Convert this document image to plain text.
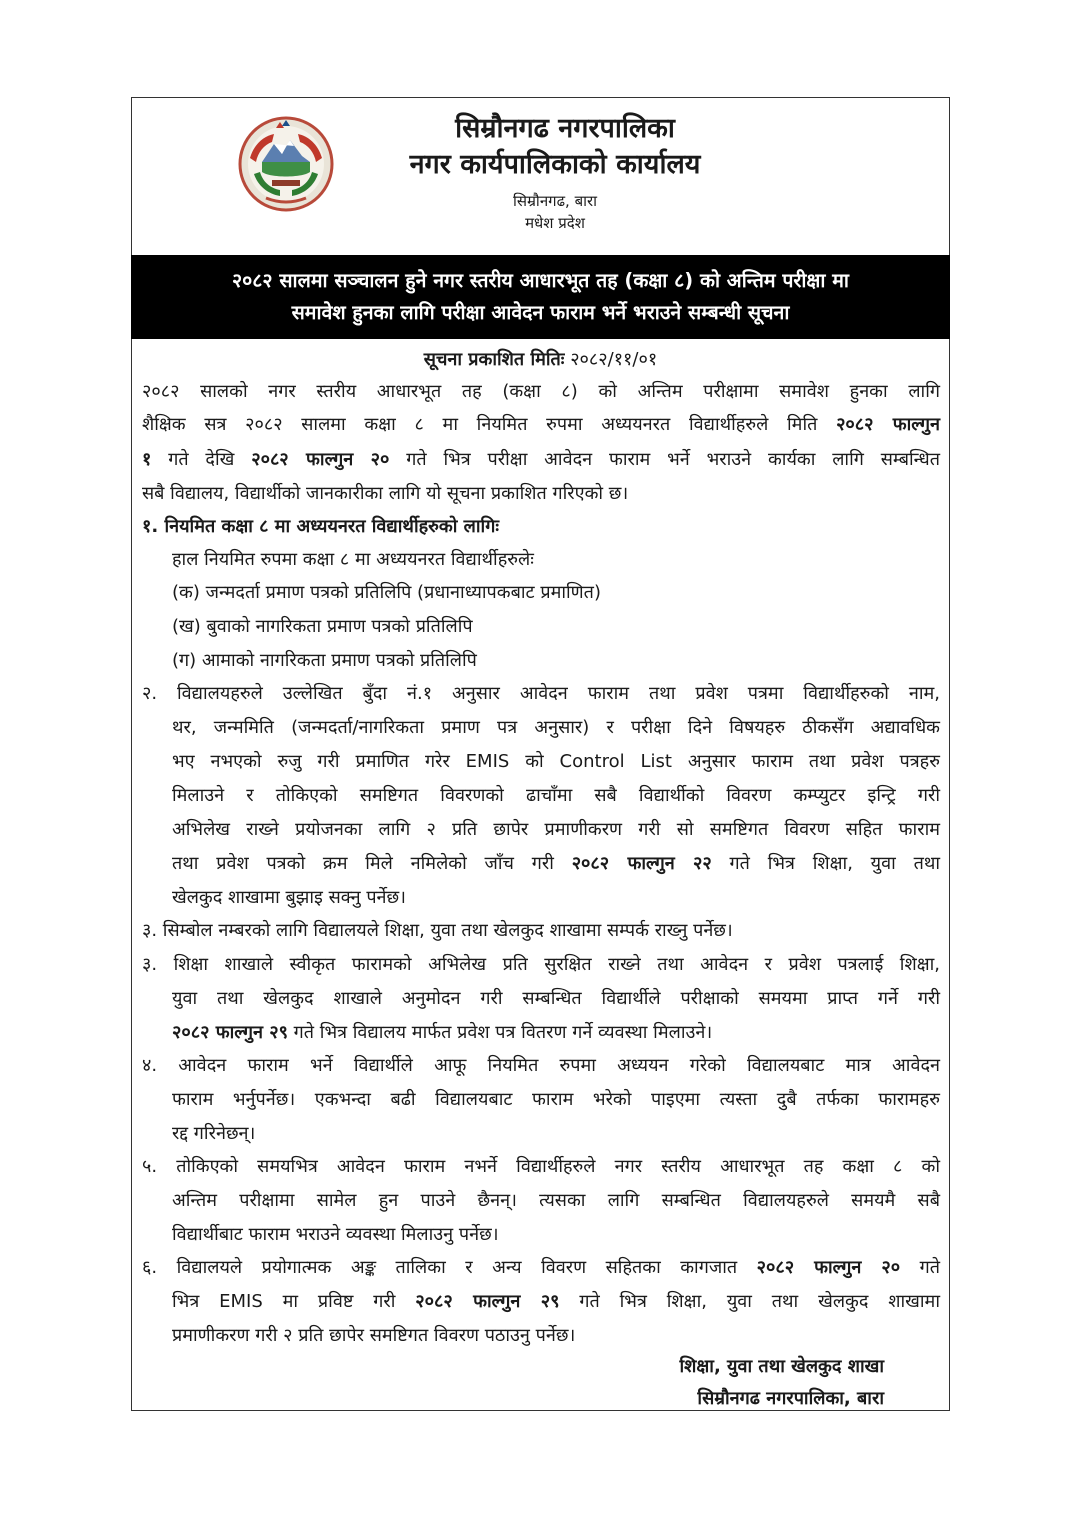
सिम्रौनगढ नगरपालिका
नगर कार्यपालिकाको कार्यालय
सिम्रौनगढ, बारा
मधेश प्रदेश
२०८२ सालमा सञ्चालन हुने नगर स्तरीय आधारभूत तह (कक्षा ८) को अन्तिम परीक्षा मा
समावेश हुनका लागि परीक्षा आवेदन फाराम भर्ने भराउने सम्बन्धी सूचना
सूचना प्रकाशित मितिः २०८२/११/०१
२०८२ सालको नगर स्तरीय आधारभूत तह (कक्षा ८) को अन्तिम परीक्षामा समावेश हुनका लागि
शैक्षिक सत्र २०८२ सालमा कक्षा ८ मा नियमित रुपमा अध्ययनरत विद्यार्थीहरुले मिति २०८२ फाल्गुन
१ गते देखि २०८२ फाल्गुन २० गते भित्र परीक्षा आवेदन फाराम भर्ने भराउने कार्यका लागि सम्बन्धित
सबै विद्यालय, विद्यार्थीको जानकारीका लागि यो सूचना प्रकाशित गरिएको छ।
१. नियमित कक्षा ८ मा अध्ययनरत विद्यार्थीहरुको लागिः
हाल नियमित रुपमा कक्षा ८ मा अध्ययनरत विद्यार्थीहरुलेः
(क) जन्मदर्ता प्रमाण पत्रको प्रतिलिपि (प्रधानाध्यापकबाट प्रमाणित)
(ख) बुवाको नागरिकता प्रमाण पत्रको प्रतिलिपि
(ग) आमाको नागरिकता प्रमाण पत्रको प्रतिलिपि
२. विद्यालयहरुले उल्लेखित बुँदा नं.१ अनुसार आवेदन फाराम तथा प्रवेश पत्रमा विद्यार्थीहरुको नाम,
थर, जन्ममिति (जन्मदर्ता/नागरिकता प्रमाण पत्र अनुसार) र परीक्षा दिने विषयहरु ठीकसँग अद्यावधिक
भए नभएको रुजु गरी प्रमाणित गरेर EMIS को Control List अनुसार फाराम तथा प्रवेश पत्रहरु
मिलाउने र तोकिएको समष्टिगत विवरणको ढाचाँमा सबै विद्यार्थीको विवरण कम्प्युटर इन्ट्रि गरी
अभिलेख राख्ने प्रयोजनका लागि २ प्रति छापेर प्रमाणीकरण गरी सो समष्टिगत विवरण सहित फाराम
तथा प्रवेश पत्रको क्रम मिले नमिलेको जाँच गरी २०८२ फाल्गुन २२ गते भित्र शिक्षा, युवा तथा
खेलकुद शाखामा बुझाइ सक्नु पर्नेछ।
३. सिम्बोल नम्बरको लागि विद्यालयले शिक्षा, युवा तथा खेलकुद शाखामा सम्पर्क राख्नु पर्नेछ।
३. शिक्षा शाखाले स्वीकृत फारामको अभिलेख प्रति सुरक्षित राख्ने तथा आवेदन र प्रवेश पत्रलाई शिक्षा,
युवा तथा खेलकुद शाखाले अनुमोदन गरी सम्बन्धित विद्यार्थीले परीक्षाको समयमा प्राप्त गर्ने गरी
२०८२ फाल्गुन २९ गते भित्र विद्यालय मार्फत प्रवेश पत्र वितरण गर्ने व्यवस्था मिलाउने।
४. आवेदन फाराम भर्ने विद्यार्थीले आफू नियमित रुपमा अध्ययन गरेको विद्यालयबाट मात्र आवेदन
फाराम भर्नुपर्नेछ। एकभन्दा बढी विद्यालयबाट फाराम भरेको पाइएमा त्यस्ता दुबै तर्फका फारामहरु
रद्द गरिनेछन्।
५. तोकिएको समयभित्र आवेदन फाराम नभर्ने विद्यार्थीहरुले नगर स्तरीय आधारभूत तह कक्षा ८ को
अन्तिम परीक्षामा सामेल हुन पाउने छैनन्। त्यसका लागि सम्बन्धित विद्यालयहरुले समयमै सबै
विद्यार्थीबाट फाराम भराउने व्यवस्था मिलाउनु पर्नेछ।
६. विद्यालयले प्रयोगात्मक अङ्क तालिका र अन्य विवरण सहितका कागजात २०८२ फाल्गुन २० गते
भित्र EMIS मा प्रविष्ट गरी २०८२ फाल्गुन २९ गते भित्र शिक्षा, युवा तथा खेलकुद शाखामा
प्रमाणीकरण गरी २ प्रति छापेर समष्टिगत विवरण पठाउनु पर्नेछ।
शिक्षा, युवा तथा खेलकुद शाखा
सिम्रौनगढ नगरपालिका, बारा
